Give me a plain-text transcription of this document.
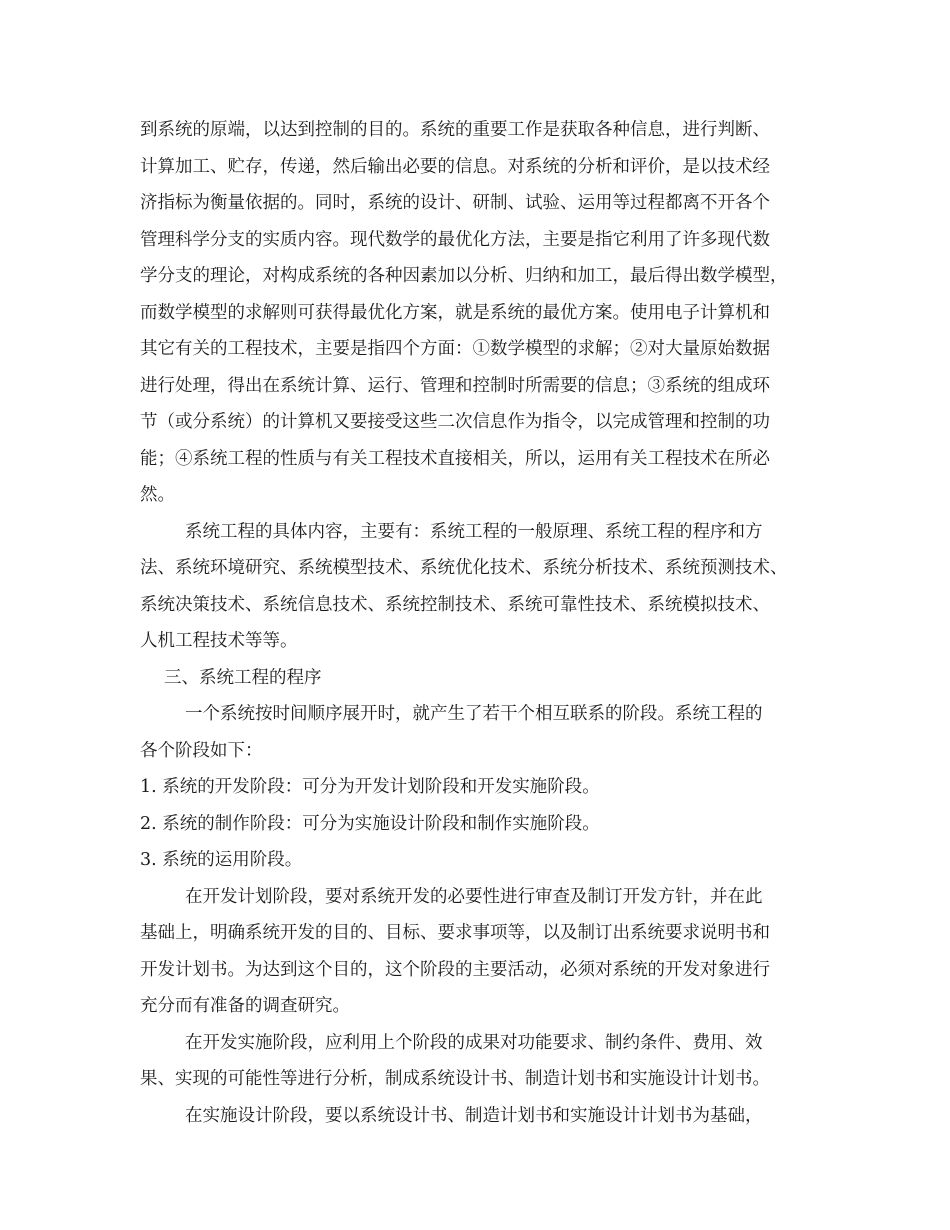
到系统的原端，以达到控制的目的。系统的重要工作是获取各种信息，进行判断、
计算加工、贮存，传递，然后输出必要的信息。对系统的分析和评价，是以技术经
济指标为衡量依据的。同时，系统的设计、研制、试验、运用等过程都离不开各个
管理科学分支的实质内容。现代数学的最优化方法，主要是指它利用了许多现代数
学分支的理论，对构成系统的各种因素加以分析、归纳和加工，最后得出数学模型，
而数学模型的求解则可获得最优化方案，就是系统的最优方案。使用电子计算机和
其它有关的工程技术，主要是指四个方面：①数学模型的求解；②对大量原始数据
进行处理，得出在系统计算、运行、管理和控制时所需要的信息；③系统的组成环
节（或分系统）的计算机又要接受这些二次信息作为指令，以完成管理和控制的功
能；④系统工程的性质与有关工程技术直接相关，所以，运用有关工程技术在所必
然。
系统工程的具体内容，主要有：系统工程的一般原理、系统工程的程序和方
法、系统环境研究、系统模型技术、系统优化技术、系统分析技术、系统预测技术、
系统决策技术、系统信息技术、系统控制技术、系统可靠性技术、系统模拟技术、
人机工程技术等等。
三、系统工程的程序
一个系统按时间顺序展开时，就产生了若干个相互联系的阶段。系统工程的
各个阶段如下：
1. 系统的开发阶段：可分为开发计划阶段和开发实施阶段。
2. 系统的制作阶段：可分为实施设计阶段和制作实施阶段。
3. 系统的运用阶段。
在开发计划阶段，要对系统开发的必要性进行审查及制订开发方针，并在此
基础上，明确系统开发的目的、目标、要求事项等，以及制订出系统要求说明书和
开发计划书。为达到这个目的，这个阶段的主要活动，必须对系统的开发对象进行
充分而有准备的调查研究。
在开发实施阶段，应利用上个阶段的成果对功能要求、制约条件、费用、效
果、实现的可能性等进行分析，制成系统设计书、制造计划书和实施设计计划书。
在实施设计阶段，要以系统设计书、制造计划书和实施设计计划书为基础，
